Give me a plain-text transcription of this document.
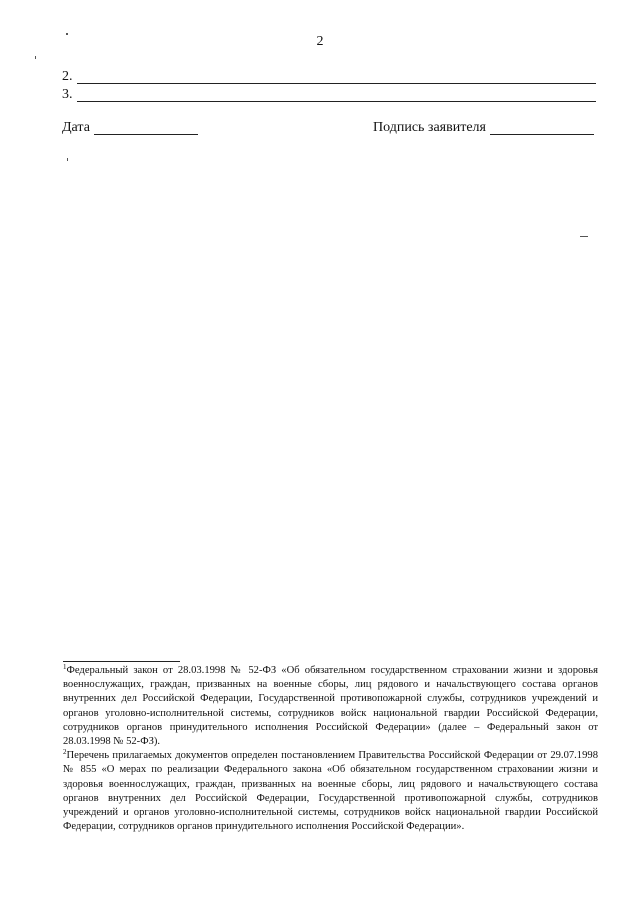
2
2.
3.
Дата	Подпись заявителя

$^1$Федеральный закон от 28.03.1998 № 52-ФЗ «Об обязательном государственном страховании жизни и здоровья военнослужащих, граждан, призванных на военные сборы, лиц рядового и начальствующего состава органов внутренних дел Российской Федерации, Государственной противопожарной службы, сотрудников учреждений и органов уголовно-исполнительной системы, сотрудников войск национальной гвардии Российской Федерации, сотрудников органов принудительного исполнения Российской Федерации» (далее – Федеральный закон от 28.03.1998 № 52-ФЗ).

$^2$Перечень прилагаемых документов определен постановлением Правительства Российской Федерации от 29.07.1998 № 855 «О мерах по реализации Федерального закона «Об обязательном государственном страховании жизни и здоровья военнослужащих, граждан, призванных на военные сборы, лиц рядового и начальствующего состава органов внутренних дел Российской Федерации, Государственной противопожарной службы, сотрудников учреждений и органов уголовно-исполнительной системы, сотрудников войск национальной гвардии Российской Федерации, сотрудников органов принудительного исполнения Российской Федерации».
